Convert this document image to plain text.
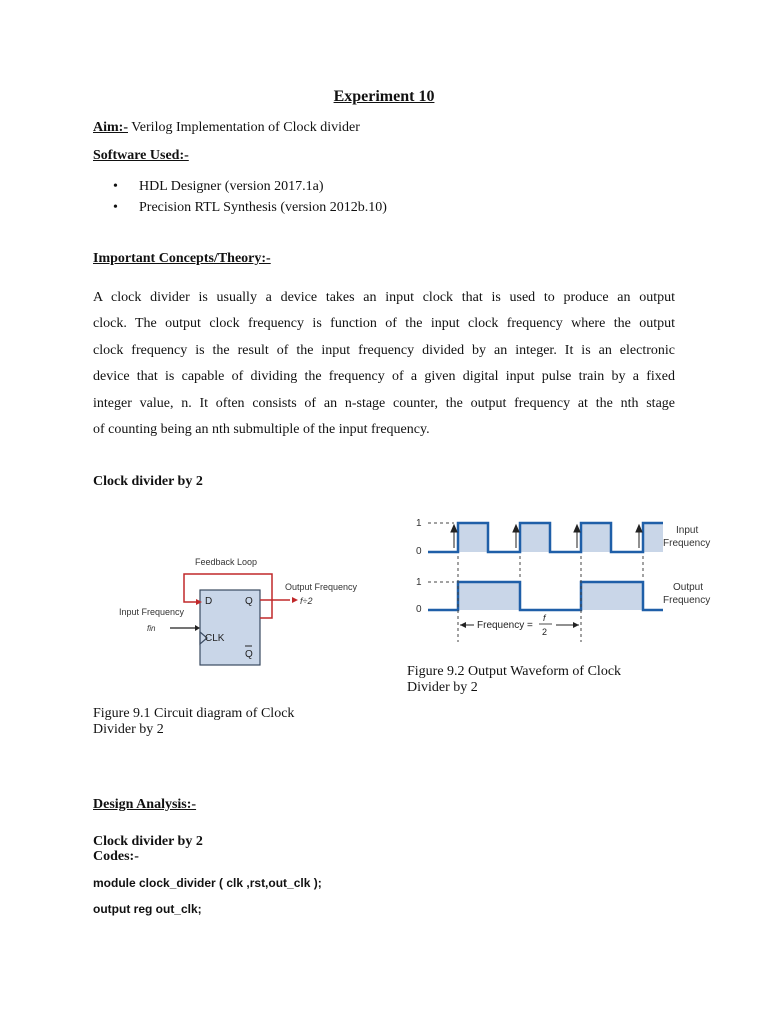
Experiment 10
Aim:- Verilog Implementation of Clock divider
Software Used:-
• HDL Designer (version 2017.1a)
• Precision RTL Synthesis (version 2012b.10)
Important Concepts/Theory:-
A clock divider is usually a device takes an input clock that is used to produce an output
clock. The output clock frequency is function of the input clock frequency where the output
clock frequency is the result of the input frequency divided by an integer. It is an electronic
device that is capable of dividing the frequency of a given digital input pulse train by a fixed
integer value, n. It often consists of an n-stage counter, the output frequency at the nth stage
of counting being an nth submultiple of the input frequency.
Clock divider by 2
Feedback Loop
Output Frequency
f÷2
Input Frequency
fin
D	Q
CLK
Q
Figure 9.1 Circuit diagram of Clock
Divider by 2
Frequency =
f
2
1
0
1
0
Input
Frequency
Output
Frequency
Figure 9.2 Output Waveform of Clock
Divider by 2
Design Analysis:-
Clock divider by 2
Codes:-
module clock_divider ( clk ,rst,out_clk );
output reg out_clk;
